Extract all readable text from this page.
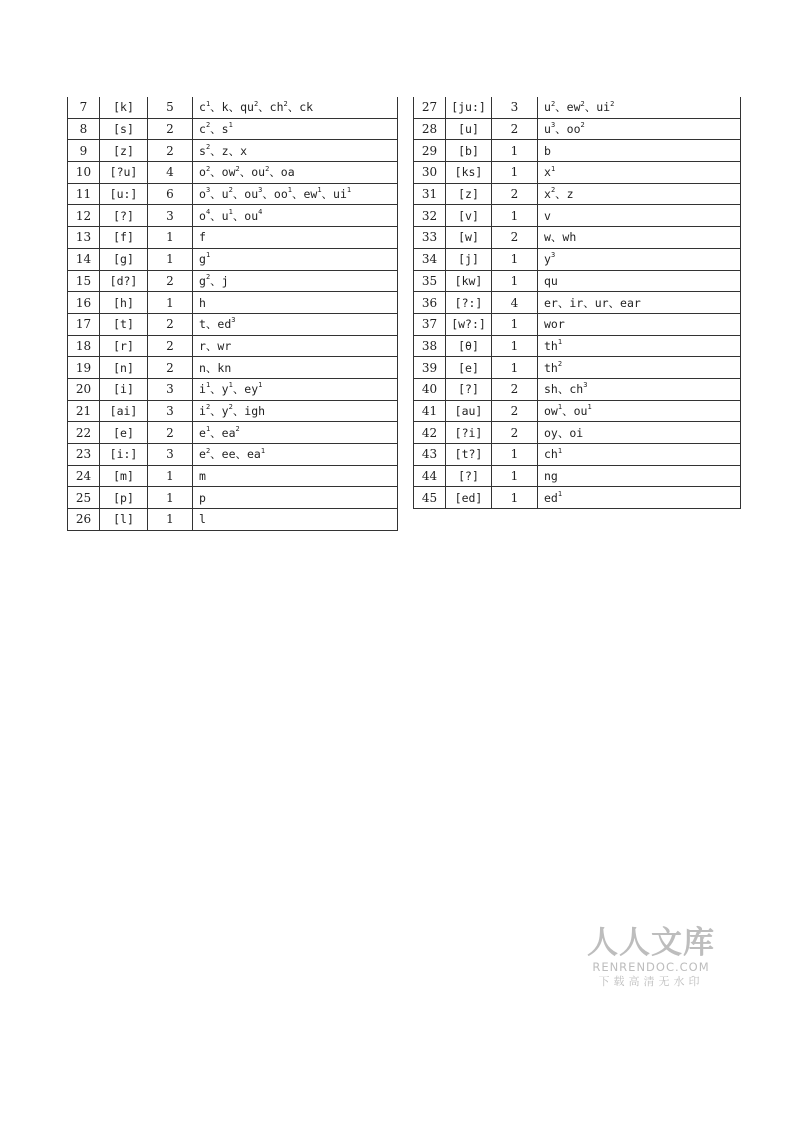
7	[k]	5	$c^1$、k、$qu^2$、$ch^2$、ck
8	[s]	2	$c^2$、$s^1$
9	[z]	2	$s^2$、z、x
10	[?u]	4	$o^2$、$ow^2$、$ou^2$、oa
11	[u:]	6	$o^3$、$u^2$、$ou^3$、$oo^1$、$ew^1$、$ui^1$
12	[?]	3	$o^4$、$u^1$、$ou^4$
13	[f]	1	f
14	[g]	1	$g^1$
15	[d?]	2	$g^2$、j
16	[h]	1	h
17	[t]	2	t、$ed^3$
18	[r]	2	r、wr
19	[n]	2	n、kn
20	[i]	3	$i^1$、$y^1$、$ey^1$
21	[ai]	3	$i^2$、$y^2$、igh
22	[e]	2	$e^1$、$ea^2$
23	[i:]	3	$e^2$、ee、$ea^1$
24	[m]	1	m
25	[p]	1	p
26	[l]	1	l
27	[ju:]	3	$u^2$、$ew^2$、$ui^2$
28	[u]	2	$u^3$、$oo^2$
29	[b]	1	b
30	[ks]	1	$x^1$
31	[z]	2	$x^2$、z
32	[v]	1	v
33	[w]	2	w、wh
34	[j]	1	$y^3$
35	[kw]	1	qu
36	[?:]	4	er、ir、ur、ear
37	[w?:]	1	wor
38	[θ]	1	$th^1$
39	[e]	1	$th^2$
40	[?]	2	sh、$ch^3$
41	[au]	2	$ow^1$、$ou^1$
42	[?i]	2	oy、oi
43	[t?]	1	$ch^1$
44	[?]	1	ng
45	[ed]	1	$ed^1$
人人文库
RENRENDOC.COM
下载高清无水印
